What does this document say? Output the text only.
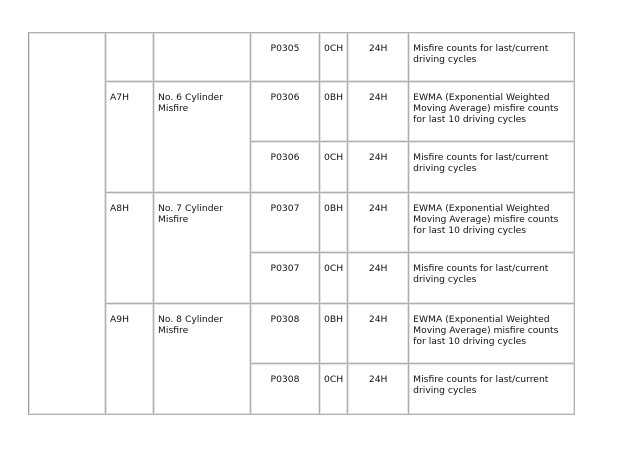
			P0305	0CH	24H	Misfire counts for last/current driving cycles
	A7H	No. 6 Cylinder Misfire	P0306	0BH	24H	EWMA (Exponential Weighted Moving Average) misfire counts for last 10 driving cycles
			P0306	0CH	24H	Misfire counts for last/current driving cycles
	A8H	No. 7 Cylinder Misfire	P0307	0BH	24H	EWMA (Exponential Weighted Moving Average) misfire counts for last 10 driving cycles
			P0307	0CH	24H	Misfire counts for last/current driving cycles
	A9H	No. 8 Cylinder Misfire	P0308	0BH	24H	EWMA (Exponential Weighted Moving Average) misfire counts for last 10 driving cycles
			P0308	0CH	24H	Misfire counts for last/current driving cycles
